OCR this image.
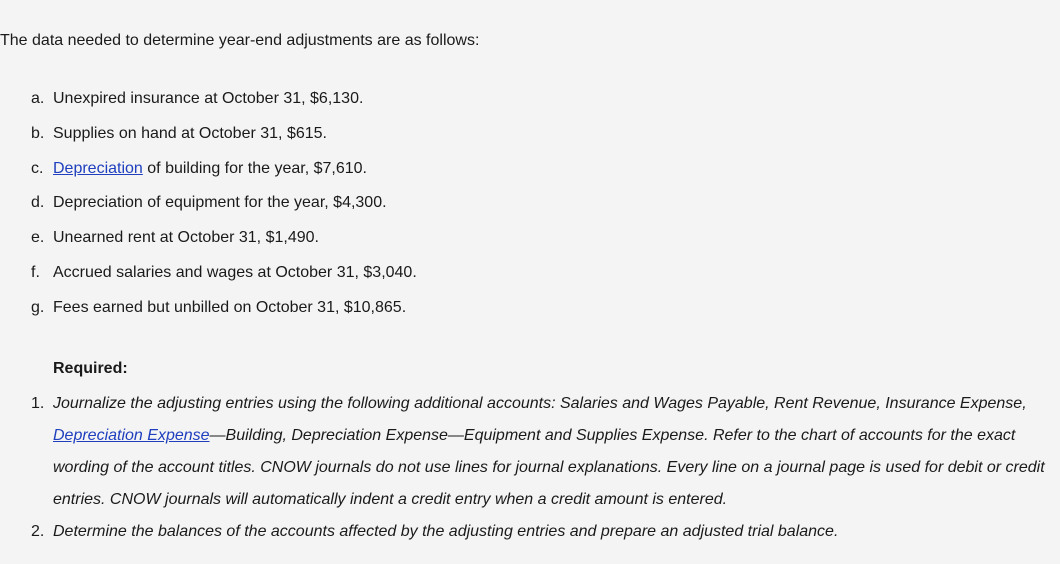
The data needed to determine year-end adjustments are as follows:

a. Unexpired insurance at October 31, $6,130.
b. Supplies on hand at October 31, $615.
c. Depreciation of building for the year, $7,610.
d. Depreciation of equipment for the year, $4,300.
e. Unearned rent at October 31, $1,490.
f. Accrued salaries and wages at October 31, $3,040.
g. Fees earned but unbilled on October 31, $10,865.

Required:

1. Journalize the adjusting entries using the following additional accounts: Salaries and Wages Payable, Rent Revenue, Insurance Expense, Depreciation Expense—Building, Depreciation Expense—Equipment and Supplies Expense. Refer to the chart of accounts for the exact wording of the account titles. CNOW journals do not use lines for journal explanations. Every line on a journal page is used for debit or credit entries. CNOW journals will automatically indent a credit entry when a credit amount is entered.
2. Determine the balances of the accounts affected by the adjusting entries and prepare an adjusted trial balance.
